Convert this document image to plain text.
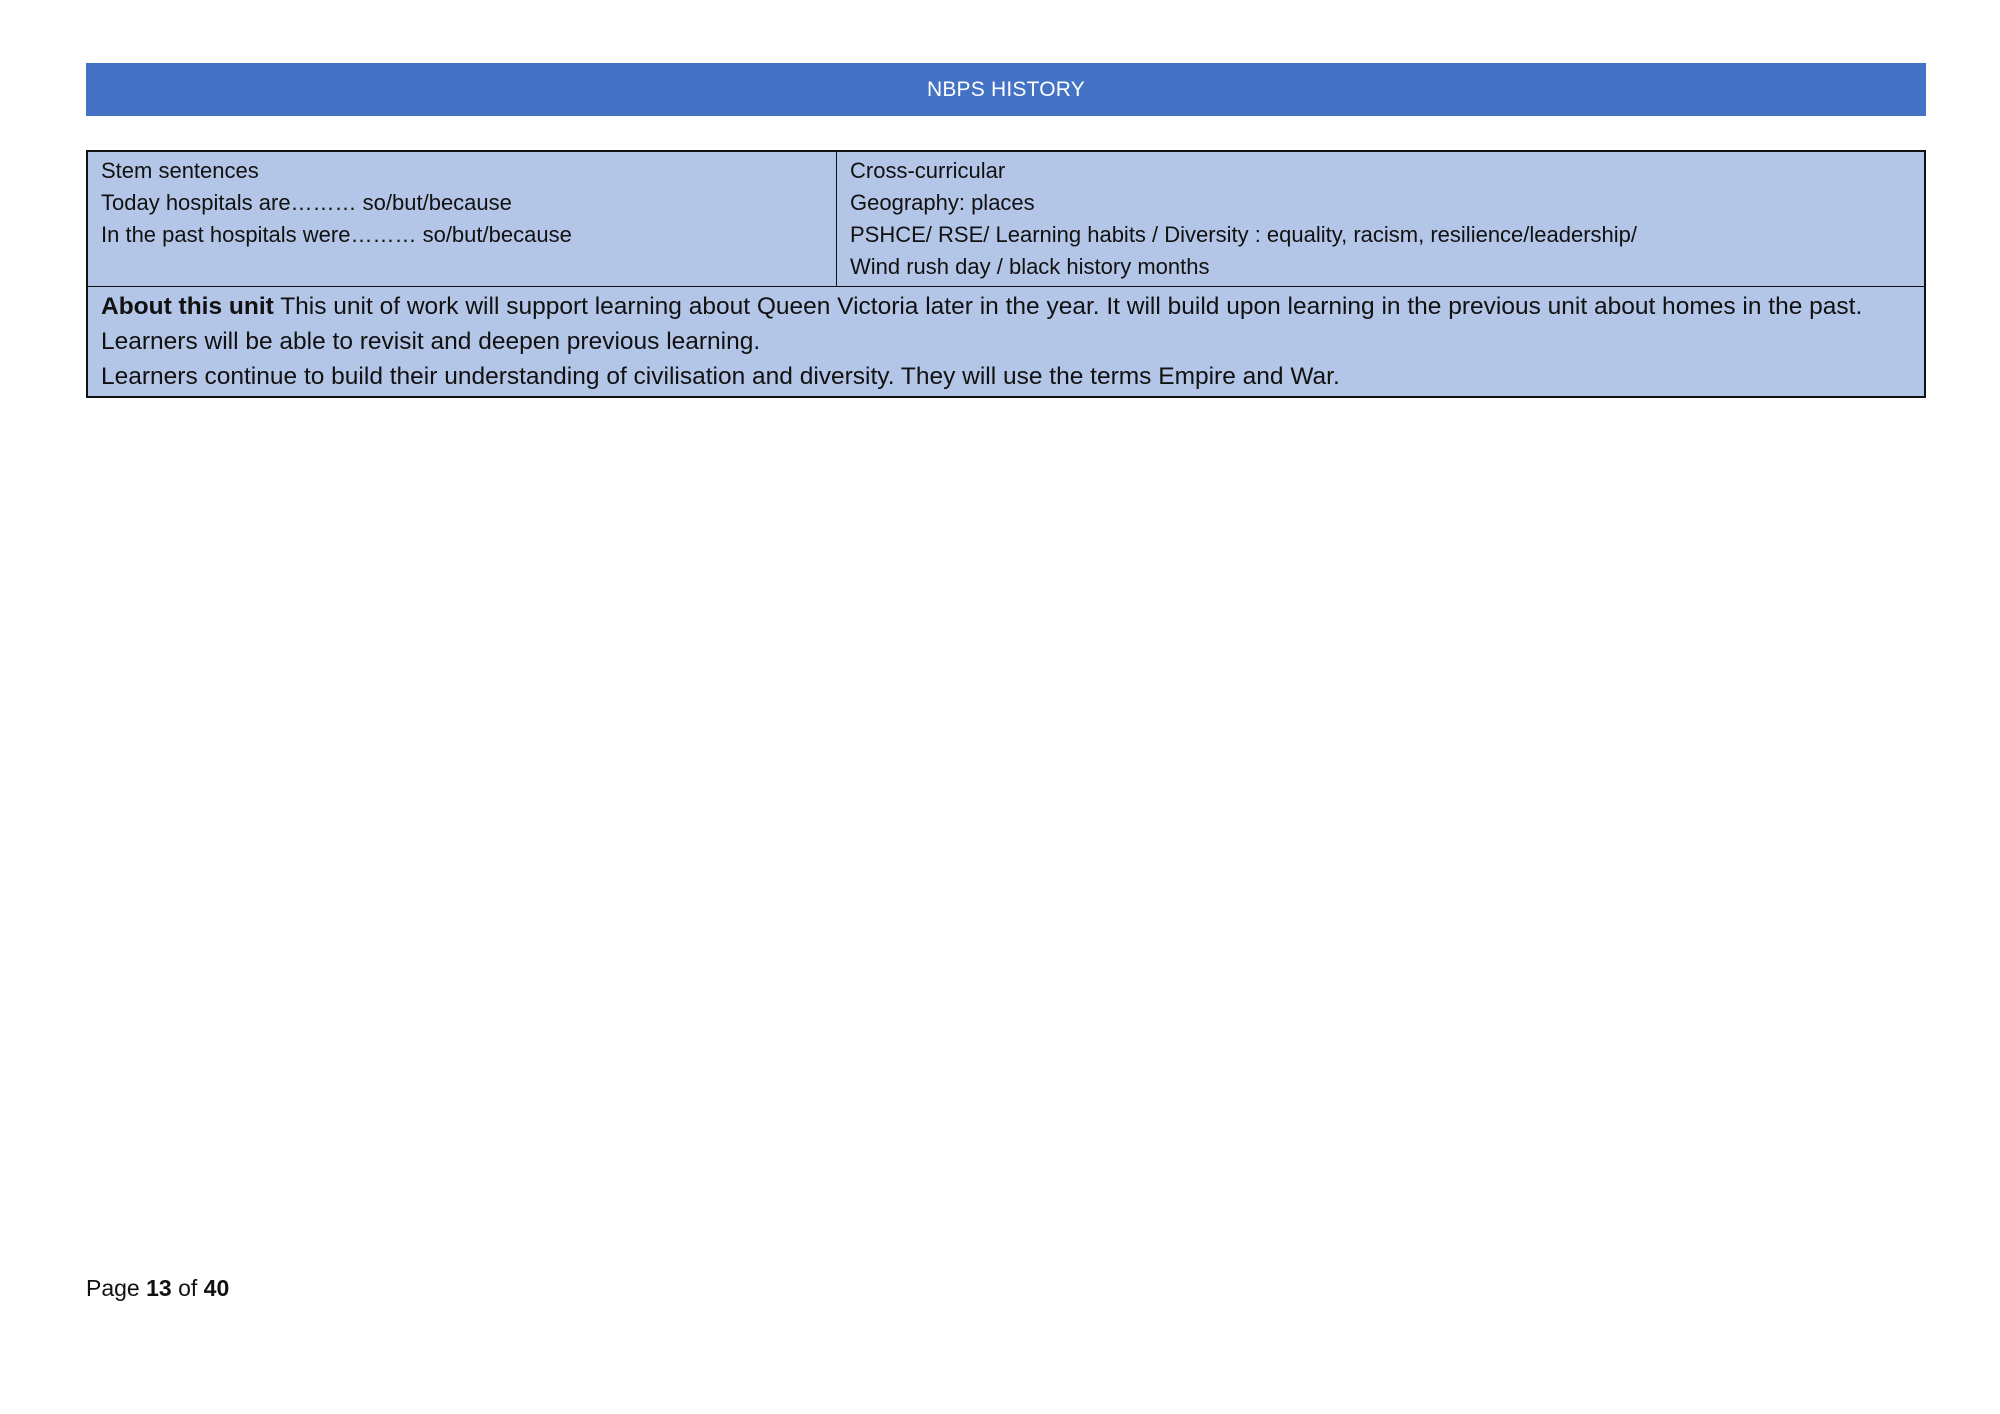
NBPS HISTORY
Stem sentences
Today hospitals are……… so/but/because
In the past hospitals were……… so/but/because

Cross-curricular
Geography: places
PSHCE/ RSE/ Learning habits / Diversity : equality, racism, resilience/leadership/
Wind rush day / black history months

About this unit This unit of work will support learning about Queen Victoria later in the year. It will build upon learning in the previous unit about homes in the past. Learners will be able to revisit and deepen previous learning.
Learners continue to build their understanding of civilisation and diversity. They will use the terms Empire and War.
Page 13 of 40
